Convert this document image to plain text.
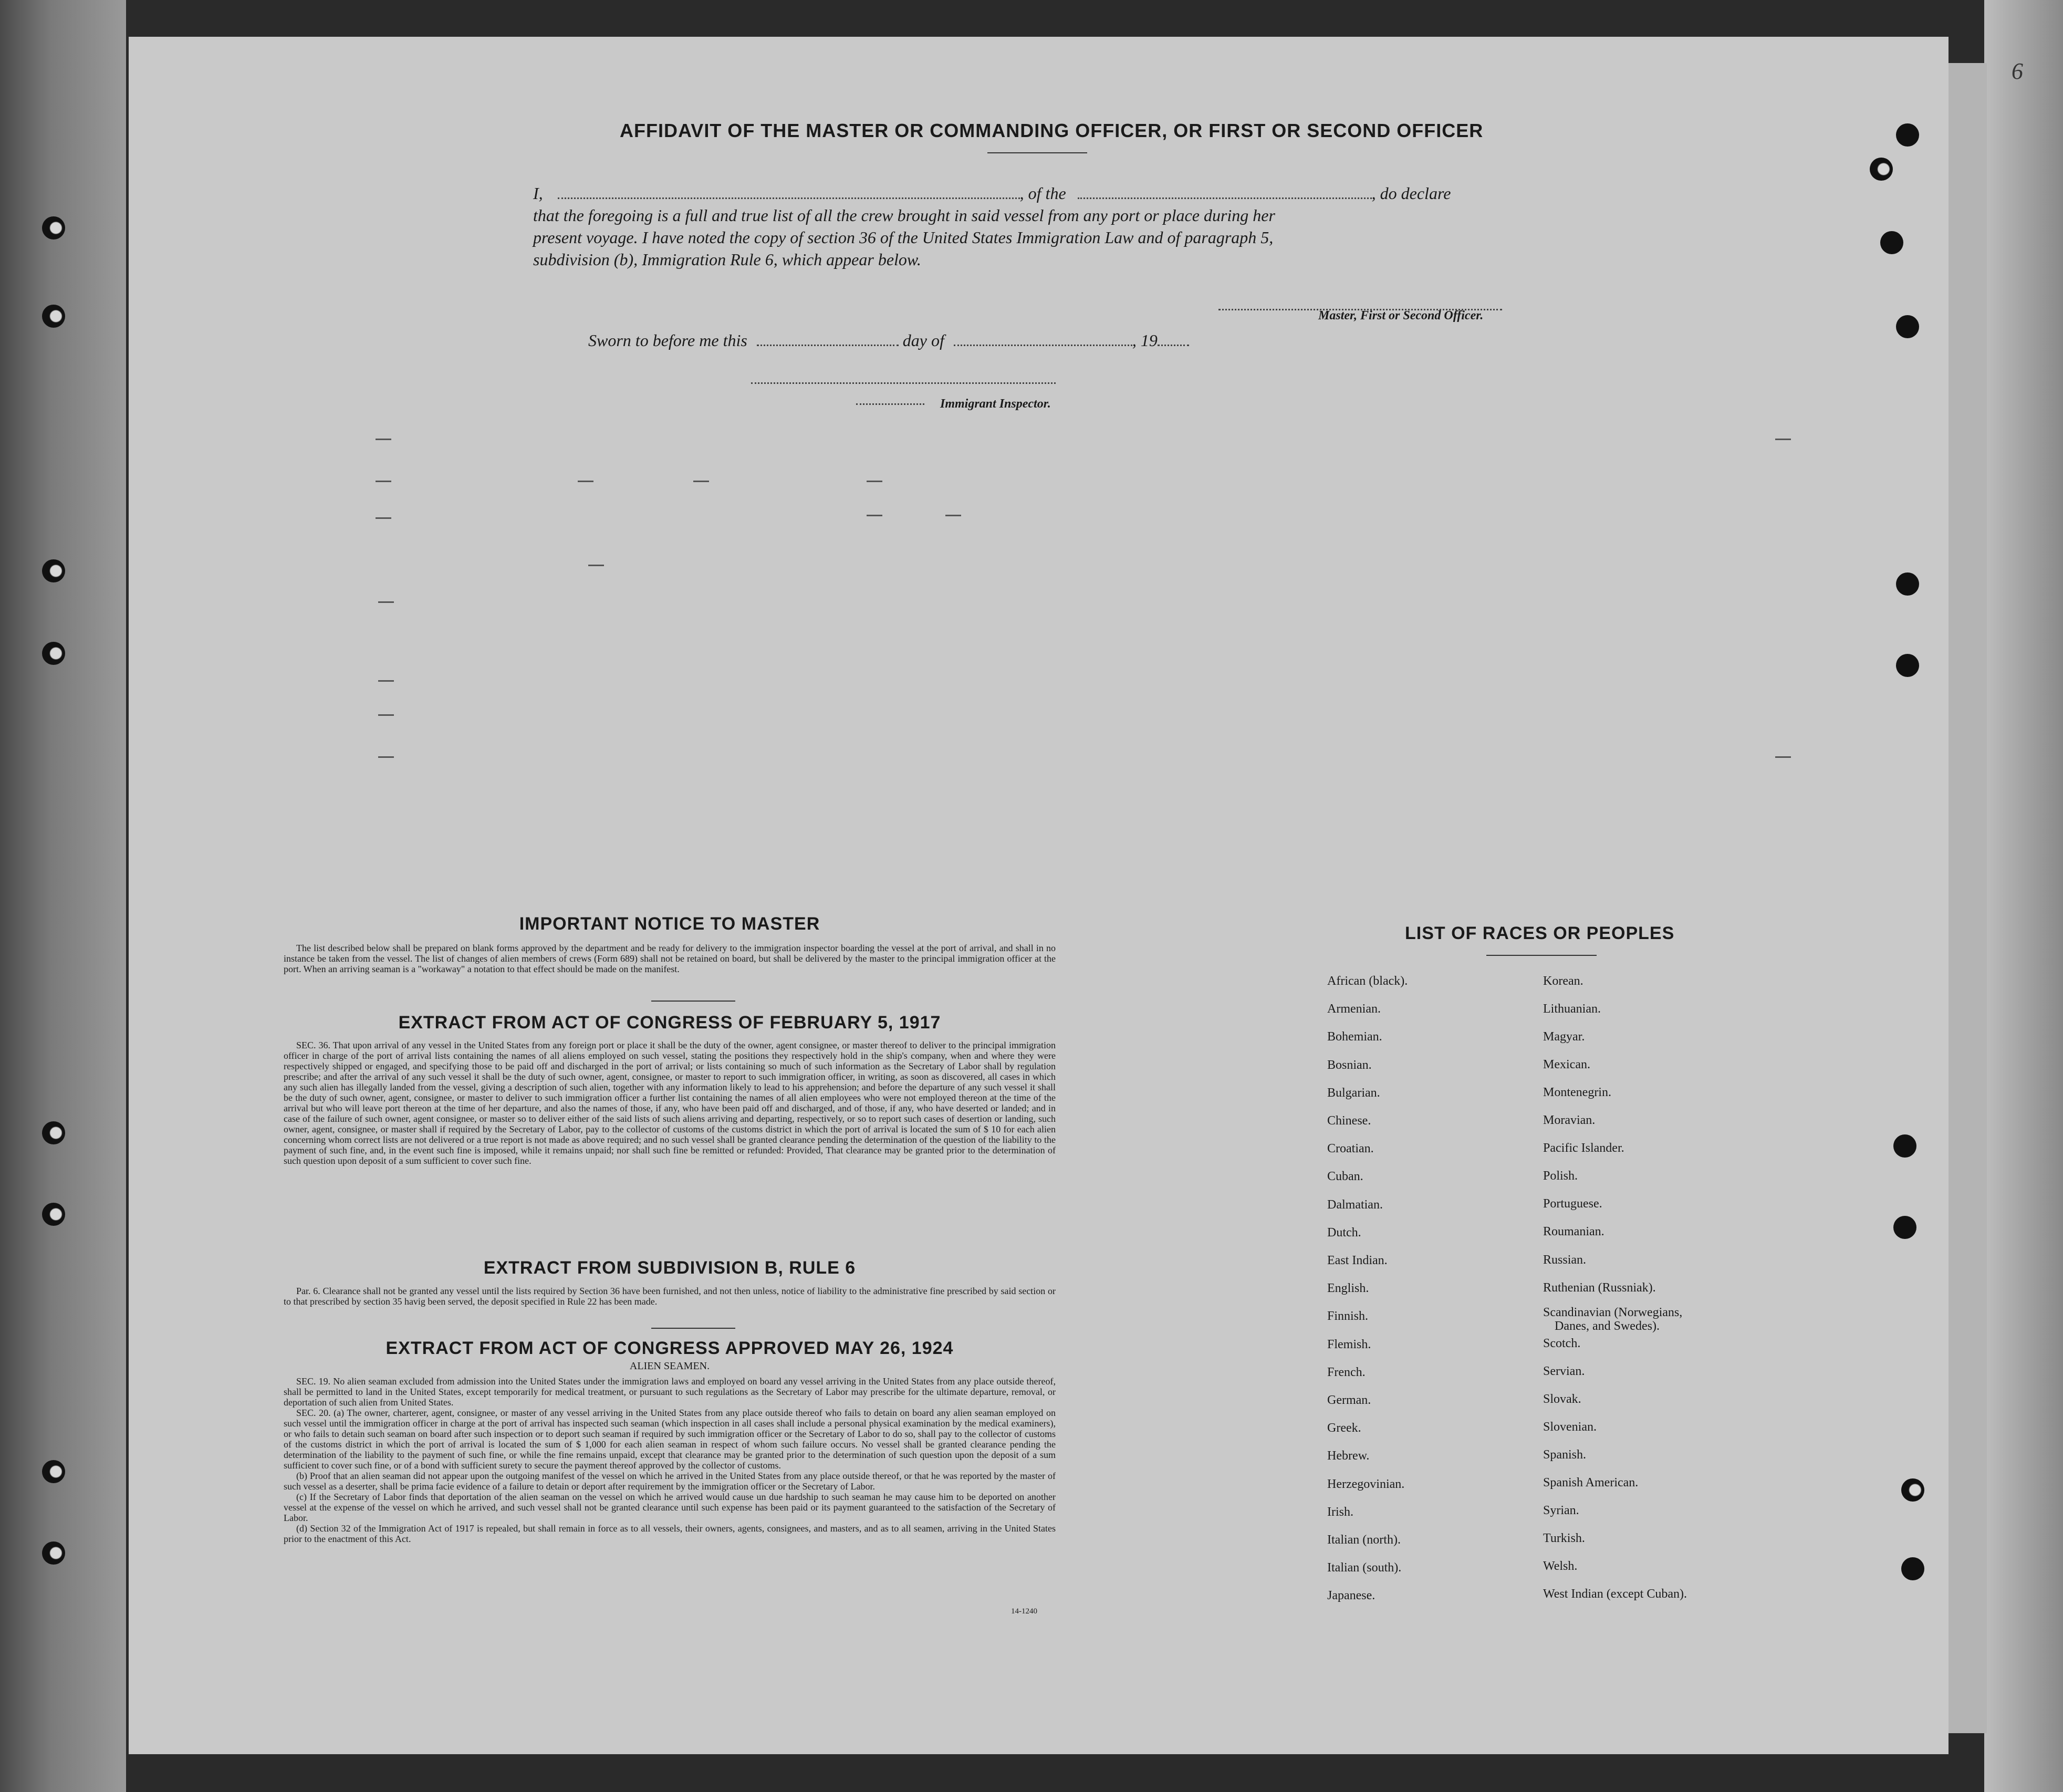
6
AFFIDAVIT OF THE MASTER OR COMMANDING OFFICER, OR FIRST OR SECOND OFFICER
I,	, of the	, do declare
that the foregoing is a full and true list of all the crew brought in said vessel from any port or place during her
present voyage. I have noted the copy of section 36 of the United States Immigration Law and of paragraph 5,
subdivision (b), Immigration Rule 6, which appear below.
Master, First or Second Officer.
Sworn to before me this	day of	, 19
Immigrant Inspector.
IMPORTANT NOTICE TO MASTER

The list described below shall be prepared on blank forms approved by the department and be ready for delivery to the immigration inspector boarding the vessel at the port of arrival, and shall in no instance be taken from the vessel. The list of changes of alien members of crews (Form 689) shall not be retained on board, but shall be delivered by the master to the principal immigration officer at the port. When an arriving seaman is a "workaway" a notation to that effect should be made on the manifest.

EXTRACT FROM ACT OF CONGRESS OF FEBRUARY 5, 1917

SEC. 36. That upon arrival of any vessel in the United States from any foreign port or place it shall be the duty of the owner, agent consignee, or master thereof to deliver to the principal immigration officer in charge of the port of arrival lists containing the names of all aliens employed on such vessel, stating the positions they respectively hold in the ship's company, when and where they were respectively shipped or engaged, and specifying those to be paid off and discharged in the port of arrival; or lists containing so much of such information as the Secretary of Labor shall by regulation prescribe; and after the arrival of any such vessel it shall be the duty of such owner, agent, consignee, or master to report to such immigration officer, in writing, as soon as discovered, all cases in which any such alien has illegally landed from the vessel, giving a description of such alien, together with any information likely to lead to his apprehension; and before the departure of any such vessel it shall be the duty of such owner, agent, consignee, or master to deliver to such immigration officer a further list containing the names of all alien employees who were not employed thereon at the time of the arrival but who will leave port thereon at the time of her departure, and also the names of those, if any, who have been paid off and discharged, and of those, if any, who have deserted or landed; and in case of the failure of such owner, agent consignee, or master so to deliver either of the said lists of such aliens arriving and departing, respectively, or so to report such cases of desertion or landing, such owner, agent, consignee, or master shall if required by the Secretary of Labor, pay to the collector of customs of the customs district in which the port of arrival is located the sum of $ 10 for each alien concerning whom correct lists are not delivered or a true report is not made as above required; and no such vessel shall be granted clearance pending the determination of the question of the liability to the payment of such fine, and, in the event such fine is imposed, while it remains unpaid; nor shall such fine be remitted or refunded: Provided, That clearance may be granted prior to the determination of such question upon deposit of a sum sufficient to cover such fine.

EXTRACT FROM SUBDIVISION B, RULE 6

Par. 6. Clearance shall not be granted any vessel until the lists required by Section 36 have been furnished, and not then unless, notice of liability to the administrative fine prescribed by said section or to that prescribed by section 35 havig been served, the deposit specified in Rule 22 has been made.

EXTRACT FROM ACT OF CONGRESS APPROVED MAY 26, 1924
ALIEN SEAMEN.

SEC. 19. No alien seaman excluded from admission into the United States under the immigration laws and employed on board any vessel arriving in the United States from any place outside thereof, shall be permitted to land in the United States, except temporarily for medical treatment, or pursuant to such regulations as the Secretary of Labor may prescribe for the ultimate departure, removal, or deportation of such alien from United States.

SEC. 20. (a) The owner, charterer, agent, consignee, or master of any vessel arriving in the United States from any place outside thereof who fails to detain on board any alien seaman employed on such vessel until the immigration officer in charge at the port of arrival has inspected such seaman (which inspection in all cases shall include a personal physical examination by the medical examiners), or who fails to detain such seaman on board after such inspection or to deport such seaman if required by such immigration officer or the Secretary of Labor to do so, shall pay to the collector of customs of the customs district in which the port of arrival is located the sum of $ 1,000 for each alien seaman in respect of whom such failure occurs. No vessel shall be granted clearance pending the determination of the liability to the payment of such fine, or while the fine remains unpaid, except that clearance may be granted prior to the determination of such question upon the deposit of a sum sufficient to cover such fine, or of a bond with sufficient surety to secure the payment thereof approved by the collector of customs.

(b) Proof that an alien seaman did not appear upon the outgoing manifest of the vessel on which he arrived in the United States from any place outside thereof, or that he was reported by the master of such vessel as a deserter, shall be prima facie evidence of a failure to detain or deport after requirement by the immigration officer or the Secretary of Labor.

(c) If the Secretary of Labor finds that deportation of the alien seaman on the vessel on which he arrived would cause un due hardship to such seaman he may cause him to be deported on another vessel at the expense of the vessel on which he arrived, and such vessel shall not be granted clearance until such expense has been paid or its payment guaranteed to the satisfaction of the Secretary of Labor.

(d) Section 32 of the Immigration Act of 1917 is repealed, but shall remain in force as to all vessels, their owners, agents, consignees, and masters, and as to all seamen, arriving in the United States prior to the enactment of this Act.

14-1240
LIST OF RACES OR PEOPLES
African (black).
Armenian.
Bohemian.
Bosnian.
Bulgarian.
Chinese.
Croatian.
Cuban.
Dalmatian.
Dutch.
East Indian.
English.
Finnish.
Flemish.
French.
German.
Greek.
Hebrew.
Herzegovinian.
Irish.
Italian (north).
Italian (south).
Japanese.
Korean.
Lithuanian.
Magyar.
Mexican.
Montenegrin.
Moravian.
Pacific Islander.
Polish.
Portuguese.
Roumanian.
Russian.
Ruthenian (Russniak).
Scandinavian (Norwegians,
Danes, and Swedes).
Scotch.
Servian.
Slovak.
Slovenian.
Spanish.
Spanish American.
Syrian.
Turkish.
Welsh.
West Indian (except Cuban).
